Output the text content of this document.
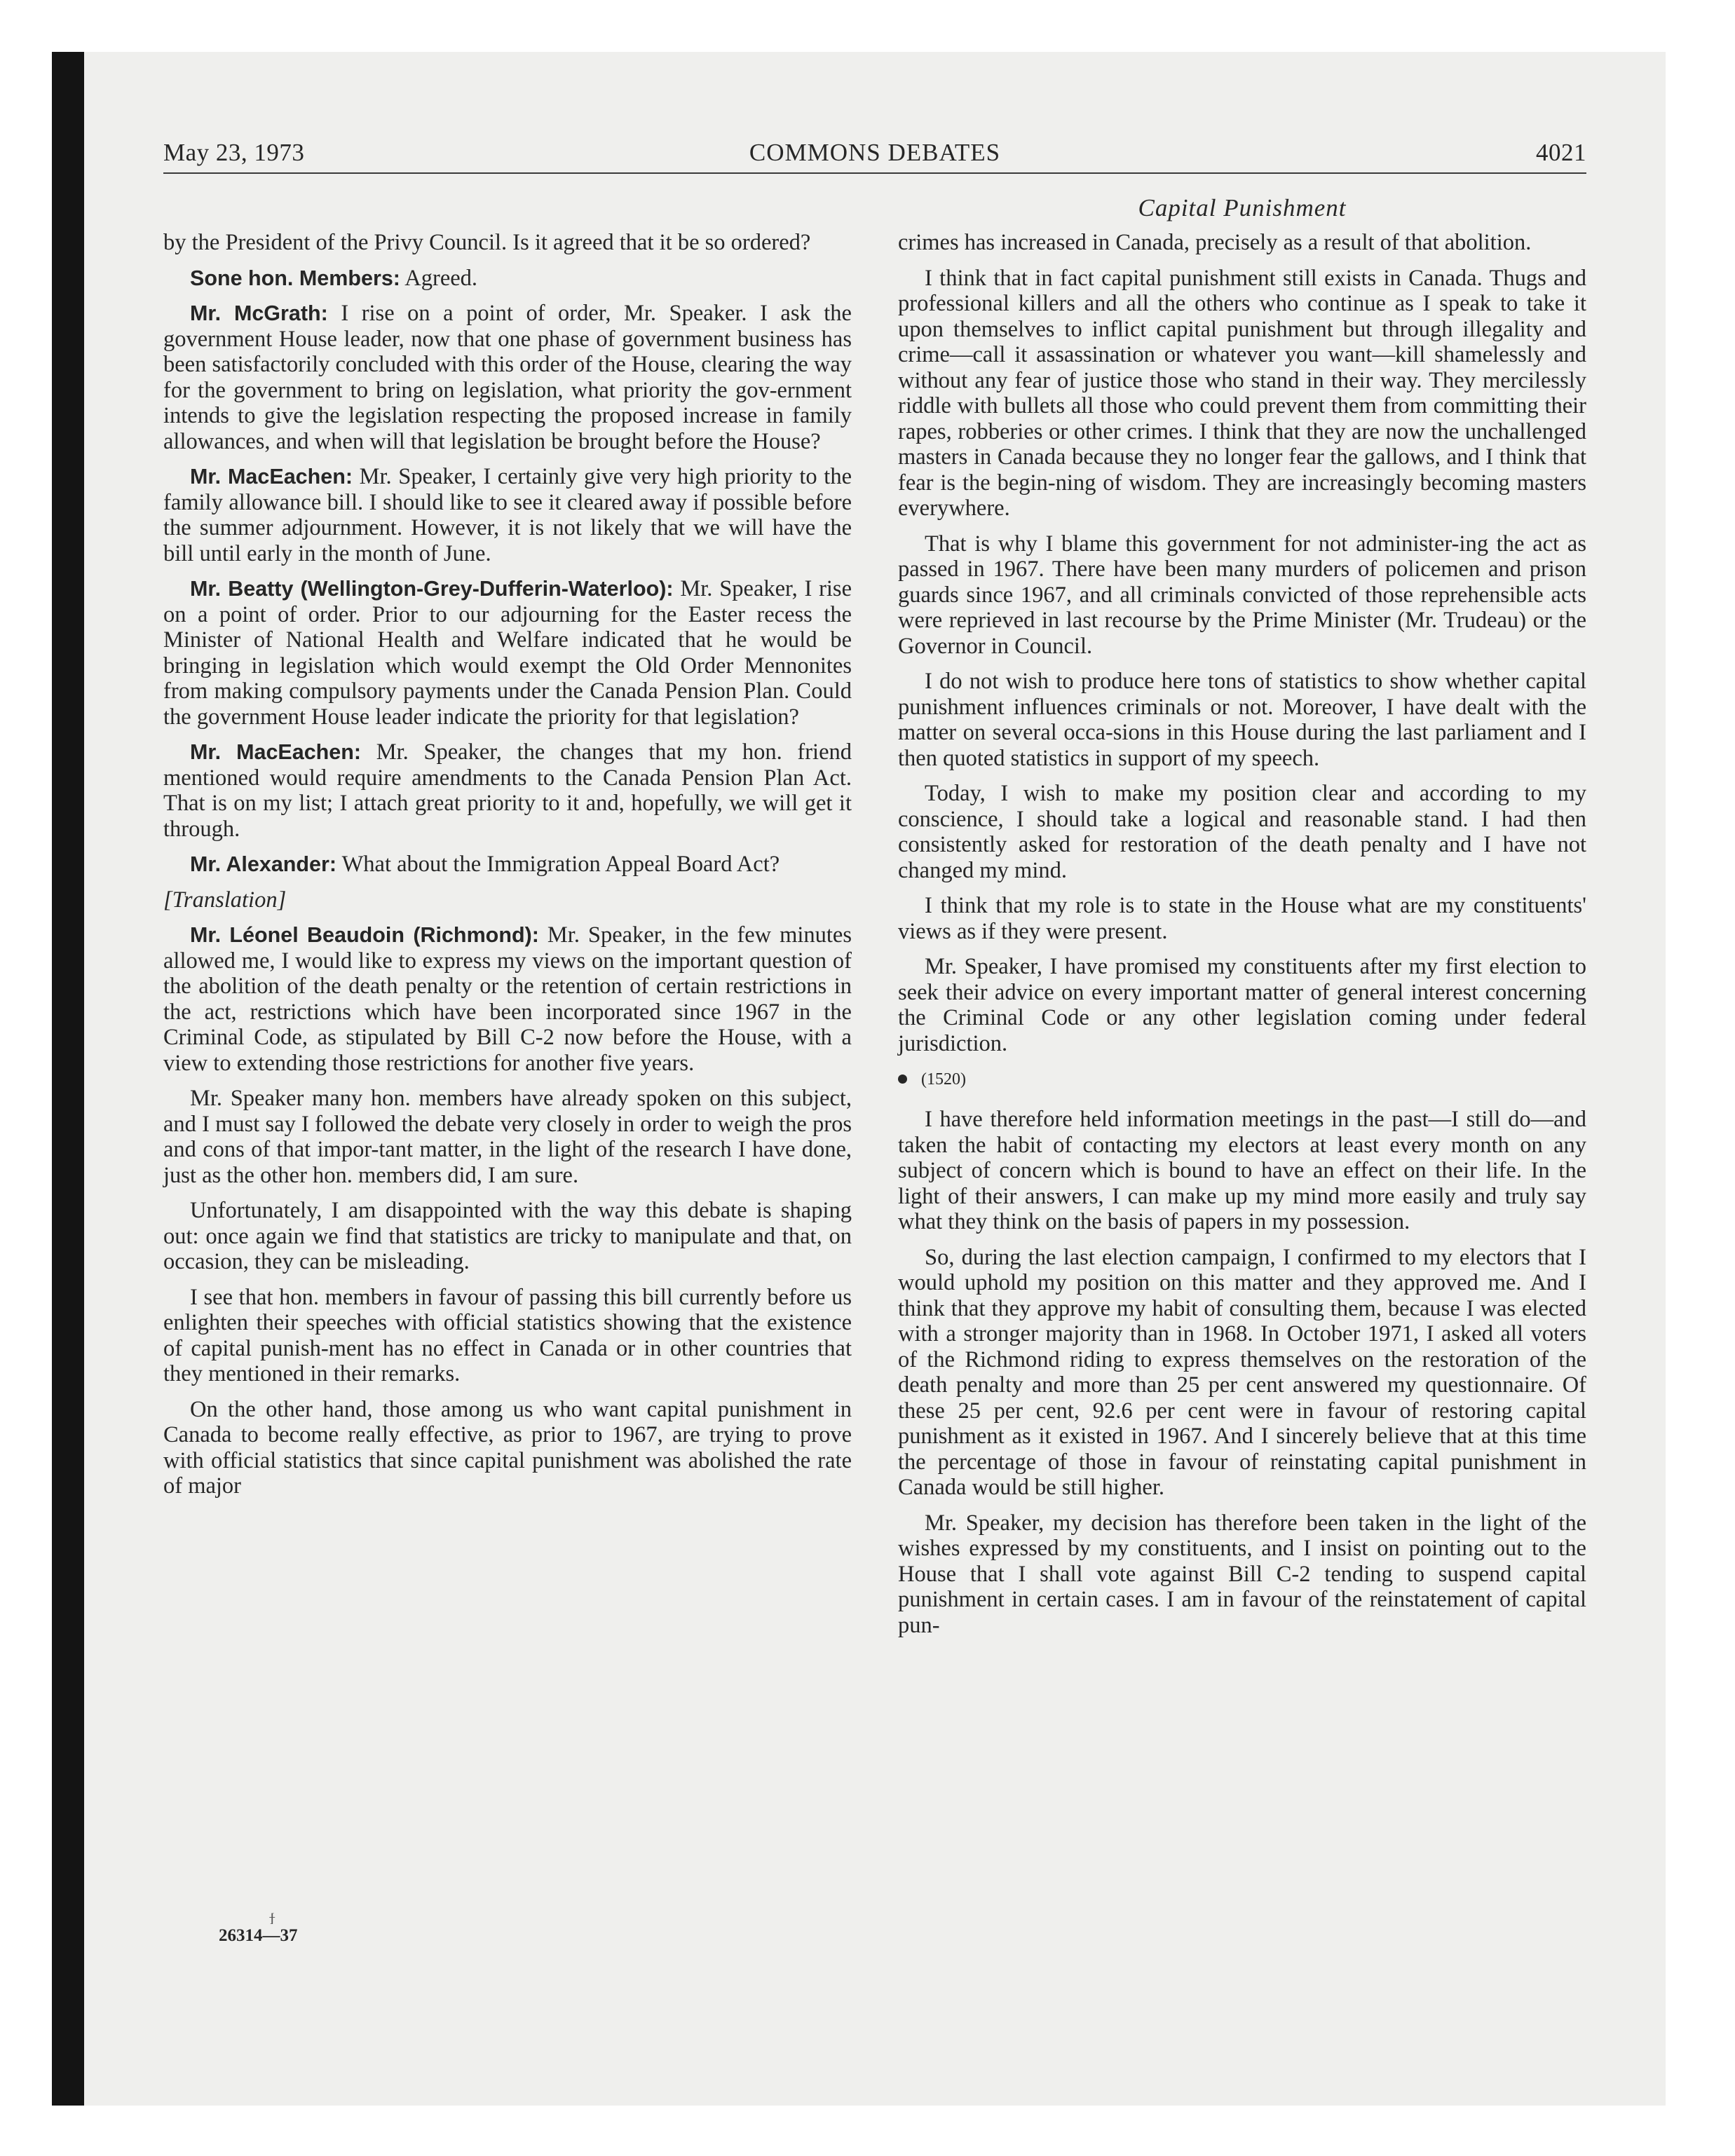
May 23, 1973	COMMONS DEBATES	4021
Capital Punishment

by the President of the Privy Council. Is it agreed that it be so ordered?

Sone hon. Members: Agreed.

Mr. McGrath: I rise on a point of order, Mr. Speaker. I ask the government House leader, now that one phase of government business has been satisfactorily concluded with this order of the House, clearing the way for the government to bring on legislation, what priority the gov-ernment intends to give the legislation respecting the proposed increase in family allowances, and when will that legislation be brought before the House?

Mr. MacEachen: Mr. Speaker, I certainly give very high priority to the family allowance bill. I should like to see it cleared away if possible before the summer adjournment. However, it is not likely that we will have the bill until early in the month of June.

Mr. Beatty (Wellington-Grey-Dufferin-Waterloo): Mr. Speaker, I rise on a point of order. Prior to our adjourning for the Easter recess the Minister of National Health and Welfare indicated that he would be bringing in legislation which would exempt the Old Order Mennonites from making compulsory payments under the Canada Pension Plan. Could the government House leader indicate the priority for that legislation?

Mr. MacEachen: Mr. Speaker, the changes that my hon. friend mentioned would require amendments to the Canada Pension Plan Act. That is on my list; I attach great priority to it and, hopefully, we will get it through.

Mr. Alexander: What about the Immigration Appeal Board Act?

[Translation]

Mr. Léonel Beaudoin (Richmond): Mr. Speaker, in the few minutes allowed me, I would like to express my views on the important question of the abolition of the death penalty or the retention of certain restrictions in the act, restrictions which have been incorporated since 1967 in the Criminal Code, as stipulated by Bill C-2 now before the House, with a view to extending those restrictions for another five years.

Mr. Speaker many hon. members have already spoken on this subject, and I must say I followed the debate very closely in order to weigh the pros and cons of that impor-tant matter, in the light of the research I have done, just as the other hon. members did, I am sure.

Unfortunately, I am disappointed with the way this debate is shaping out: once again we find that statistics are tricky to manipulate and that, on occasion, they can be misleading.

I see that hon. members in favour of passing this bill currently before us enlighten their speeches with official statistics showing that the existence of capital punish-ment has no effect in Canada or in other countries that they mentioned in their remarks.

On the other hand, those among us who want capital punishment in Canada to become really effective, as prior to 1967, are trying to prove with official statistics that since capital punishment was abolished the rate of major

crimes has increased in Canada, precisely as a result of that abolition.

I think that in fact capital punishment still exists in Canada. Thugs and professional killers and all the others who continue as I speak to take it upon themselves to inflict capital punishment but through illegality and crime—call it assassination or whatever you want—kill shamelessly and without any fear of justice those who stand in their way. They mercilessly riddle with bullets all those who could prevent them from committing their rapes, robberies or other crimes. I think that they are now the unchallenged masters in Canada because they no longer fear the gallows, and I think that fear is the begin-ning of wisdom. They are increasingly becoming masters everywhere.

That is why I blame this government for not administer-ing the act as passed in 1967. There have been many murders of policemen and prison guards since 1967, and all criminals convicted of those reprehensible acts were reprieved in last recourse by the Prime Minister (Mr. Trudeau) or the Governor in Council.

I do not wish to produce here tons of statistics to show whether capital punishment influences criminals or not. Moreover, I have dealt with the matter on several occa-sions in this House during the last parliament and I then quoted statistics in support of my speech.

Today, I wish to make my position clear and according to my conscience, I should take a logical and reasonable stand. I had then consistently asked for restoration of the death penalty and I have not changed my mind.

I think that my role is to state in the House what are my constituents' views as if they were present.

Mr. Speaker, I have promised my constituents after my first election to seek their advice on every important matter of general interest concerning the Criminal Code or any other legislation coming under federal jurisdiction.

(1520)

I have therefore held information meetings in the past—I still do—and taken the habit of contacting my electors at least every month on any subject of concern which is bound to have an effect on their life. In the light of their answers, I can make up my mind more easily and truly say what they think on the basis of papers in my possession.

So, during the last election campaign, I confirmed to my electors that I would uphold my position on this matter and they approved me. And I think that they approve my habit of consulting them, because I was elected with a stronger majority than in 1968. In October 1971, I asked all voters of the Richmond riding to express themselves on the restoration of the death penalty and more than 25 per cent answered my questionnaire. Of these 25 per cent, 92.6 per cent were in favour of restoring capital punishment as it existed in 1967. And I sincerely believe that at this time the percentage of those in favour of reinstating capital punishment in Canada would be still higher.

Mr. Speaker, my decision has therefore been taken in the light of the wishes expressed by my constituents, and I insist on pointing out to the House that I shall vote against Bill C-2 tending to suspend capital punishment in certain cases. I am in favour of the reinstatement of capital pun-

ϯ
26314—37
